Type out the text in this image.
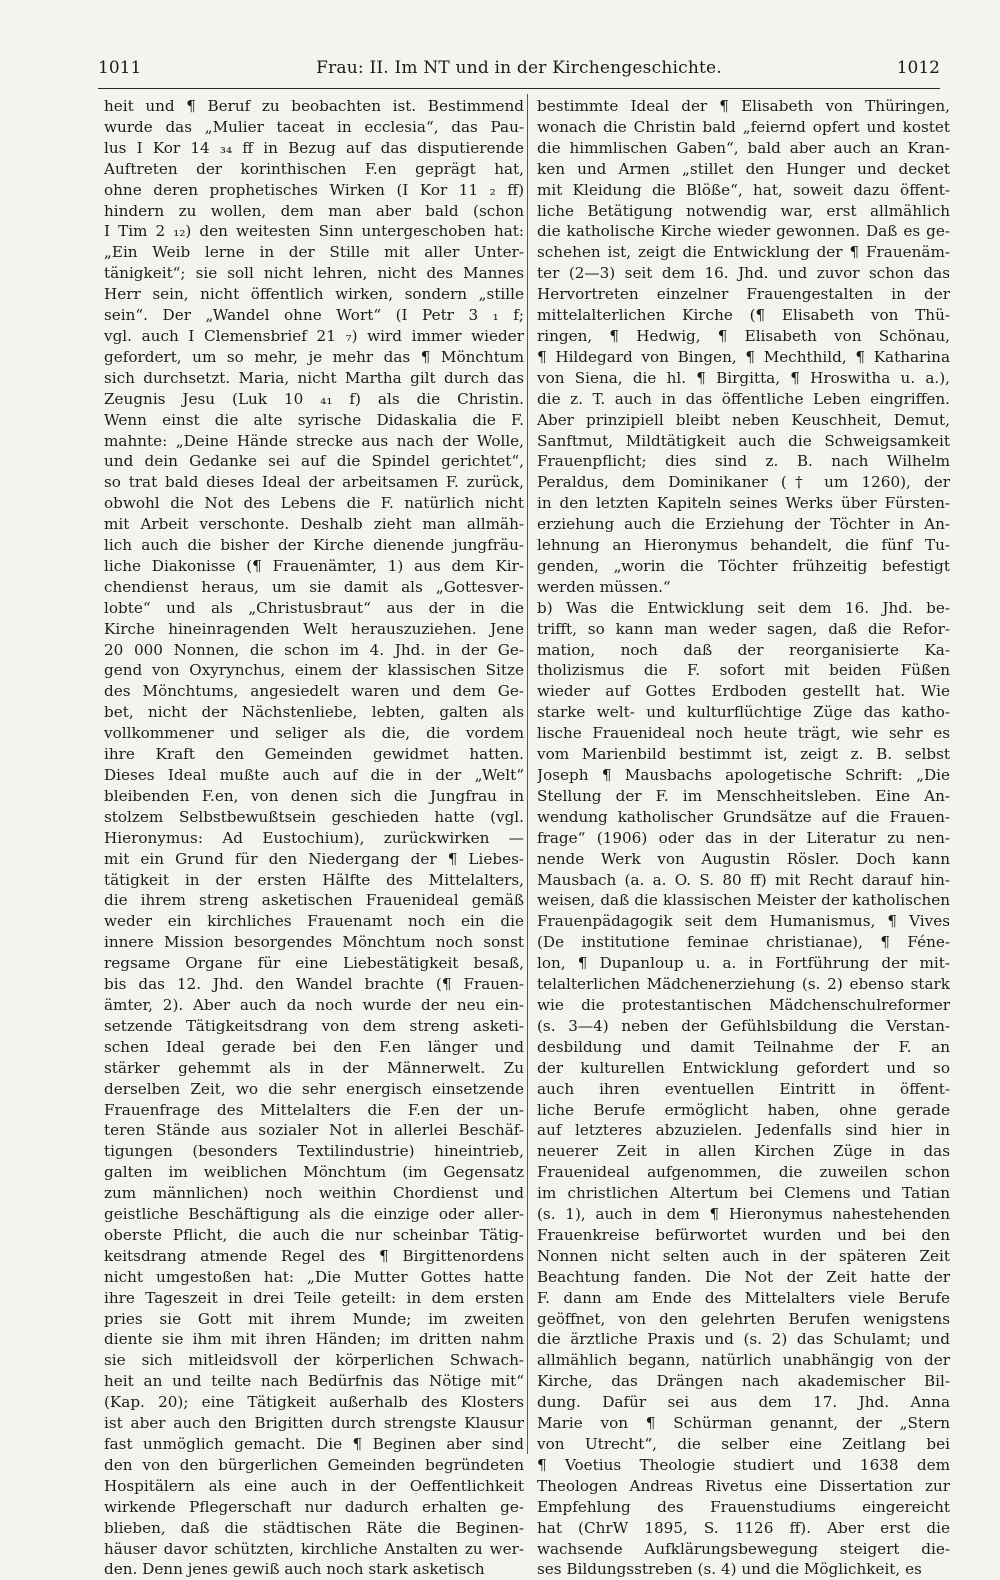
1011	Frau: II. Im NT und in der Kirchengeschichte.	1012
heit und ¶ Beruf zu beobachten ist. Bestimmend
wurde das „Mulier taceat in ecclesia“, das Pau-
lus I Kor 14 ₃₄ ff in Bezug auf das disputierende
Auftreten der korinthischen F.en geprägt hat,
ohne deren prophetisches Wirken (I Kor 11 ₂ ff)
hindern zu wollen, dem man aber bald (schon
I Tim 2 ₁₂) den weitesten Sinn untergeschoben hat:
„Ein Weib lerne in der Stille mit aller Unter-
tänigkeit“; sie soll nicht lehren, nicht des Mannes
Herr sein, nicht öffentlich wirken, sondern „stille
sein“. Der „Wandel ohne Wort“ (I Petr 3 ₁ f;
vgl. auch I Clemensbrief 21 ₇) wird immer wieder
gefordert, um so mehr, je mehr das ¶ Mönchtum
sich durchsetzt. Maria, nicht Martha gilt durch das
Zeugnis Jesu (Luk 10 ₄₁ f) als die Christin.
Wenn einst die alte syrische Didaskalia die F.
mahnte: „Deine Hände strecke aus nach der Wolle,
und dein Gedanke sei auf die Spindel gerichtet“,
so trat bald dieses Ideal der arbeitsamen F. zurück,
obwohl die Not des Lebens die F. natürlich nicht
mit Arbeit verschonte. Deshalb zieht man allmäh-
lich auch die bisher der Kirche dienende jungfräu-
liche Diakonisse (¶ Frauenämter, 1) aus dem Kir-
chendienst heraus, um sie damit als „Gottesver-
lobte“ und als „Christusbraut“ aus der in die
Kirche hineinragenden Welt herauszuziehen. Jene
20 000 Nonnen, die schon im 4. Jhd. in der Ge-
gend von Oxyrynchus, einem der klassischen Sitze
des Mönchtums, angesiedelt waren und dem Ge-
bet, nicht der Nächstenliebe, lebten, galten als
vollkommener und seliger als die, die vordem
ihre Kraft den Gemeinden gewidmet hatten.
Dieses Ideal mußte auch auf die in der „Welt“
bleibenden F.en, von denen sich die Jungfrau in
stolzem Selbstbewußtsein geschieden hatte (vgl.
Hieronymus: Ad Eustochium), zurückwirken —
mit ein Grund für den Niedergang der ¶ Liebes-
tätigkeit in der ersten Hälfte des Mittelalters,
die ihrem streng asketischen Frauenideal gemäß
weder ein kirchliches Frauenamt noch ein die
innere Mission besorgendes Mönchtum noch sonst
regsame Organe für eine Liebestätigkeit besaß,
bis das 12. Jhd. den Wandel brachte (¶ Frauen-
ämter, 2). Aber auch da noch wurde der neu ein-
setzende Tätigkeitsdrang von dem streng asketi-
schen Ideal gerade bei den F.en länger und
stärker gehemmt als in der Männerwelt. Zu
derselben Zeit, wo die sehr energisch einsetzende
Frauenfrage des Mittelalters die F.en der un-
teren Stände aus sozialer Not in allerlei Beschäf-
tigungen (besonders Textilindustrie) hineintrieb,
galten im weiblichen Mönchtum (im Gegensatz
zum männlichen) noch weithin Chordienst und
geistliche Beschäftigung als die einzige oder aller-
oberste Pflicht, die auch die nur scheinbar Tätig-
keitsdrang atmende Regel des ¶ Birgittenordens
nicht umgestoßen hat: „Die Mutter Gottes hatte
ihre Tageszeit in drei Teile geteilt: in dem ersten
pries sie Gott mit ihrem Munde; im zweiten
diente sie ihm mit ihren Händen; im dritten nahm
sie sich mitleidsvoll der körperlichen Schwach-
heit an und teilte nach Bedürfnis das Nötige mit“
(Kap. 20); eine Tätigkeit außerhalb des Klosters
ist aber auch den Brigitten durch strengste Klausur
fast unmöglich gemacht. Die ¶ Beginen aber sind
den von den bürgerlichen Gemeinden begründeten
Hospitälern als eine auch in der Oeffentlichkeit
wirkende Pflegerschaft nur dadurch erhalten ge-
blieben, daß die städtischen Räte die Beginen-
häuser davor schützten, kirchliche Anstalten zu wer-
den. Denn jenes gewiß auch noch stark asketisch
bestimmte Ideal der ¶ Elisabeth von Thüringen,
wonach die Christin bald „feiernd opfert und kostet
die himmlischen Gaben“, bald aber auch an Kran-
ken und Armen „stillet den Hunger und decket
mit Kleidung die Blöße“, hat, soweit dazu öffent-
liche Betätigung notwendig war, erst allmählich
die katholische Kirche wieder gewonnen. Daß es ge-
schehen ist, zeigt die Entwicklung der ¶ Frauenäm-
ter (2—3) seit dem 16. Jhd. und zuvor schon das
Hervortreten einzelner Frauengestalten in der
mittelalterlichen Kirche (¶ Elisabeth von Thü-
ringen, ¶ Hedwig, ¶ Elisabeth von Schönau,
¶ Hildegard von Bingen, ¶ Mechthild, ¶ Katharina
von Siena, die hl. ¶ Birgitta, ¶ Hroswitha u. a.),
die z. T. auch in das öffentliche Leben eingriffen.
Aber prinzipiell bleibt neben Keuschheit, Demut,
Sanftmut, Mildtätigkeit auch die Schweigsamkeit
Frauenpflicht; dies sind z. B. nach Wilhelm
Peraldus, dem Dominikaner († um 1260), der
in den letzten Kapiteln seines Werks über Fürsten-
erziehung auch die Erziehung der Töchter in An-
lehnung an Hieronymus behandelt, die fünf Tu-
genden, „worin die Töchter frühzeitig befestigt
werden müssen.“
b) Was die Entwicklung seit dem 16. Jhd. be-
trifft, so kann man weder sagen, daß die Refor-
mation, noch daß der reorganisierte Ka-
tholizismus die F. sofort mit beiden Füßen
wieder auf Gottes Erdboden gestellt hat. Wie
starke welt- und kulturflüchtige Züge das katho-
lische Frauenideal noch heute trägt, wie sehr es
vom Marienbild bestimmt ist, zeigt z. B. selbst
Joseph ¶ Mausbachs apologetische Schrift: „Die
Stellung der F. im Menschheitsleben. Eine An-
wendung katholischer Grundsätze auf die Frauen-
frage“ (1906) oder das in der Literatur zu nen-
nende Werk von Augustin Rösler. Doch kann
Mausbach (a. a. O. S. 80 ff) mit Recht darauf hin-
weisen, daß die klassischen Meister der katholischen
Frauenpädagogik seit dem Humanismus, ¶ Vives
(De institutione feminae christianae), ¶ Féne-
lon, ¶ Dupanloup u. a. in Fortführung der mit-
telalterlichen Mädchenerziehung (s. 2) ebenso stark
wie die protestantischen Mädchenschulreformer
(s. 3—4) neben der Gefühlsbildung die Verstan-
desbildung und damit Teilnahme der F. an
der kulturellen Entwicklung gefordert und so
auch ihren eventuellen Eintritt in öffent-
liche Berufe ermöglicht haben, ohne gerade
auf letzteres abzuzielen. Jedenfalls sind hier in
neuerer Zeit in allen Kirchen Züge in das
Frauenideal aufgenommen, die zuweilen schon
im christlichen Altertum bei Clemens und Tatian
(s. 1), auch in dem ¶ Hieronymus nahestehenden
Frauenkreise befürwortet wurden und bei den
Nonnen nicht selten auch in der späteren Zeit
Beachtung fanden. Die Not der Zeit hatte der
F. dann am Ende des Mittelalters viele Berufe
geöffnet, von den gelehrten Berufen wenigstens
die ärztliche Praxis und (s. 2) das Schulamt; und
allmählich begann, natürlich unabhängig von der
Kirche, das Drängen nach akademischer Bil-
dung. Dafür sei aus dem 17. Jhd. Anna
Marie von ¶ Schürman genannt, der „Stern
von Utrecht“, die selber eine Zeitlang bei
¶ Voetius Theologie studiert und 1638 dem
Theologen Andreas Rivetus eine Dissertation zur
Empfehlung des Frauenstudiums eingereicht
hat (ChrW 1895, S. 1126 ff). Aber erst die
wachsende Aufklärungsbewegung steigert die-
ses Bildungsstreben (s. 4) und die Möglichkeit, es
